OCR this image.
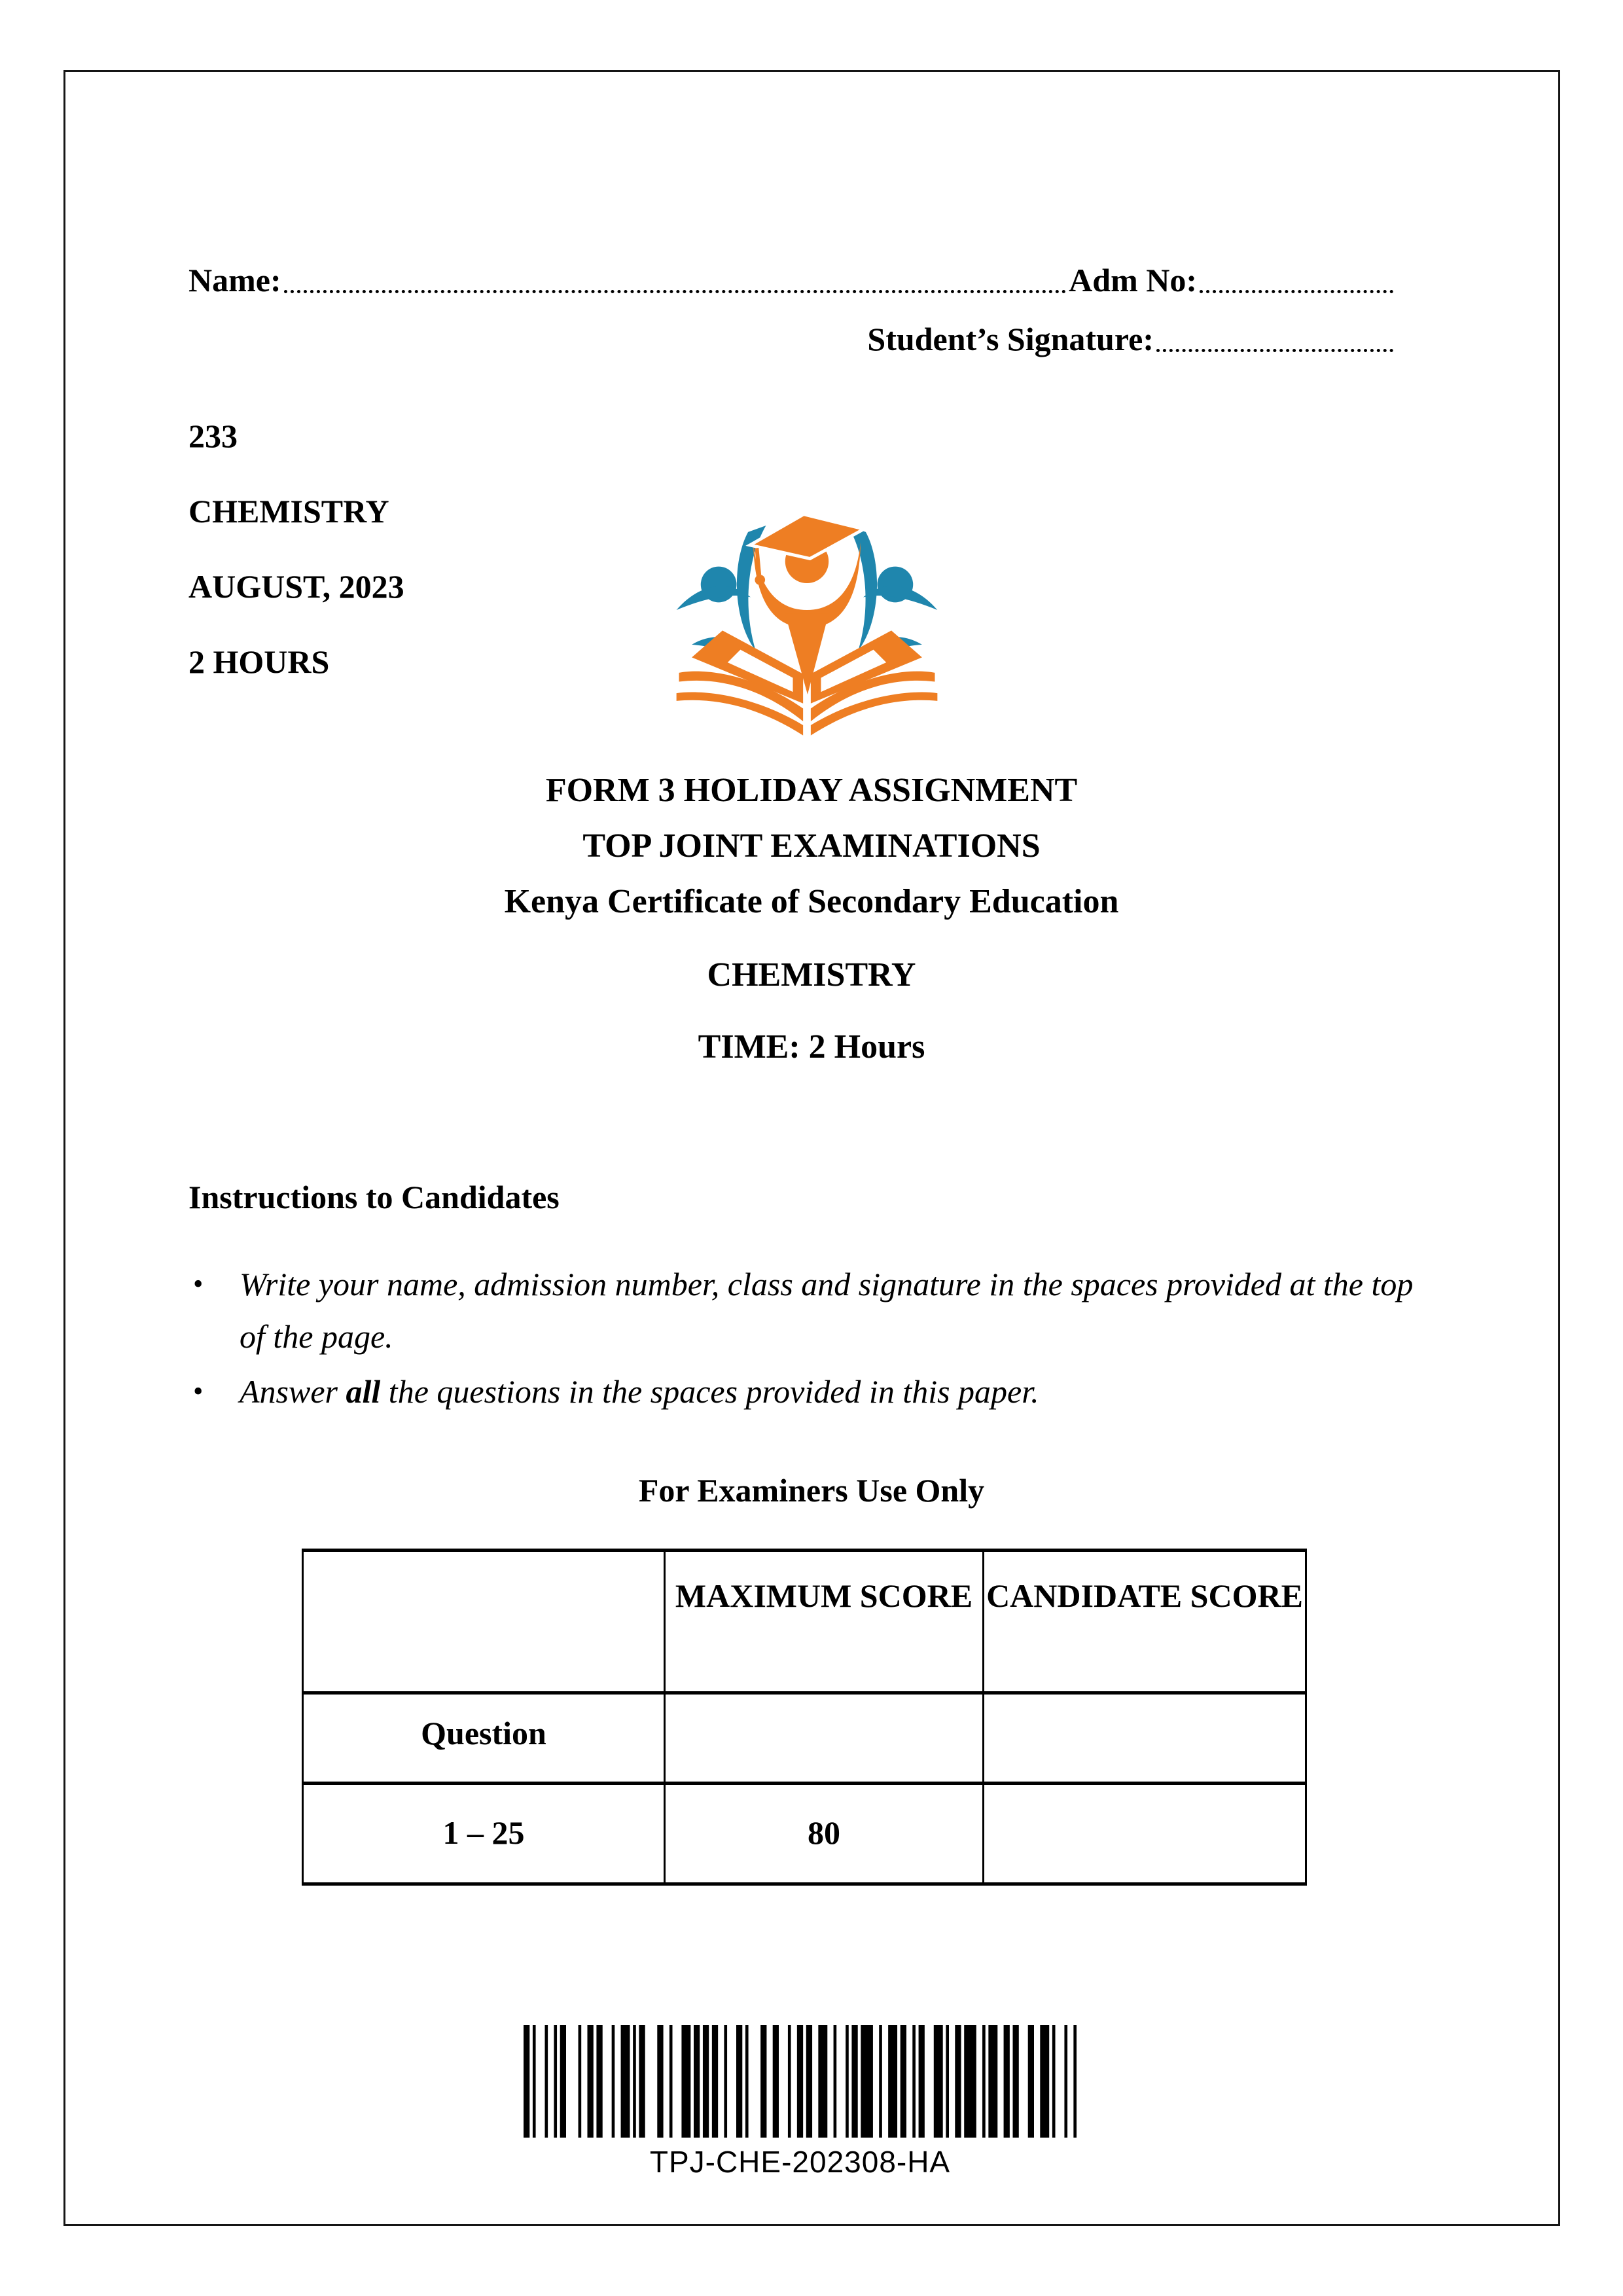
Name:	Adm No:
Student’s Signature:
233
CHEMISTRY
AUGUST, 2023
2 HOURS
FORM 3 HOLIDAY ASSIGNMENT
TOP JOINT EXAMINATIONS
Kenya Certificate of Secondary Education
CHEMISTRY
TIME: 2 Hours
Instructions to Candidates
•	Write your name, admission number, class and signature in the spaces provided at the top of the page.
•	Answer all the questions in the spaces provided in this paper.
For Examiners Use Only
	MAXIMUM SCORE	CANDIDATE SCORE
Question		
1 – 25	80	
TPJ-CHE-202308-HA
